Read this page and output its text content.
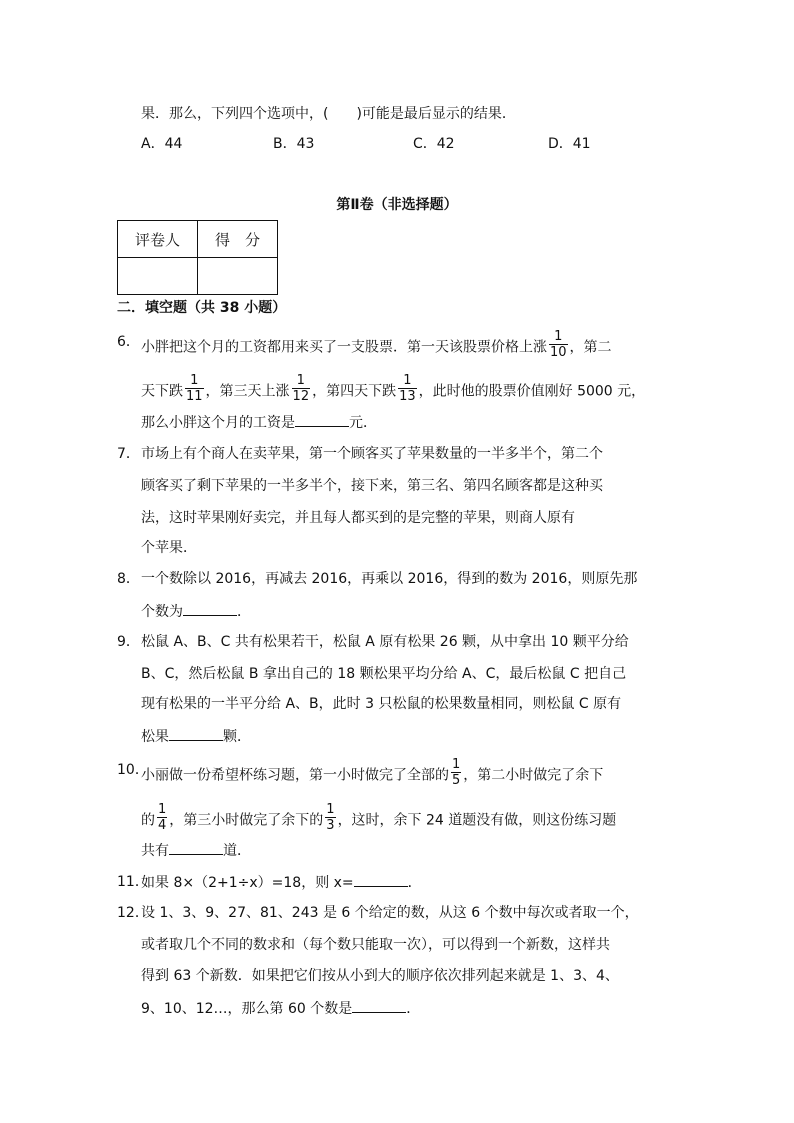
果．那么，下列四个选项中，(　　)可能是最后显示的结果．
A．44	B．43	C．42	D．41
第Ⅱ卷（非选择题）
评卷人	得　分

二．填空题（共 38 小题）
6． 小胖把这个月的工资都用来买了一支股票．第一天该股票价格上涨 $\frac{1}{10}$ ，第二
天下跌 $\frac{1}{11}$ ，第三天上涨 $\frac{1}{12}$ ，第四天下跌 $\frac{1}{13}$ ，此时他的股票价值刚好 5000 元，
那么小胖这个月的工资是	元．
7． 市场上有个商人在卖苹果，第一个顾客买了苹果数量的一半多半个，第二个
顾客买了剩下苹果的一半多半个，接下来，第三名、第四名顾客都是这种买
法，这时苹果刚好卖完，并且每人都买到的是完整的苹果，则商人原有
个苹果．
8． 一个数除以 2016，再减去 2016，再乘以 2016，得到的数为 2016，则原先那
个数为	．
9． 松鼠 A、B、C 共有松果若干，松鼠 A 原有松果 26 颗，从中拿出 10 颗平分给
B、C，然后松鼠 B 拿出自己的 18 颗松果平均分给 A、C，最后松鼠 C 把自己
现有松果的一半平分给 A、B，此时 3 只松鼠的松果数量相同，则松鼠 C 原有
松果	颗．
10．
小丽做一份希望杯练习题，第一小时做完了全部的 $\frac{1}{5}$ ，第二小时做完了余下
的 $\frac{1}{4}$ ，第三小时做完了余下的 $\frac{1}{3}$ ，这时，余下 24 道题没有做，则这份练习题
共有	道．
11．
如果 8×（2+1÷x）=18，则 x=	．
12．
设 1、3、9、27、81、243 是 6 个给定的数，从这 6 个数中每次或者取一个，
或者取几个不同的数求和（每个数只能取一次），可以得到一个新数，这样共
得到 63 个新数．如果把它们按从小到大的顺序依次排列起来就是 1、3、4、
9、10、12…，那么第 60 个数是	．
